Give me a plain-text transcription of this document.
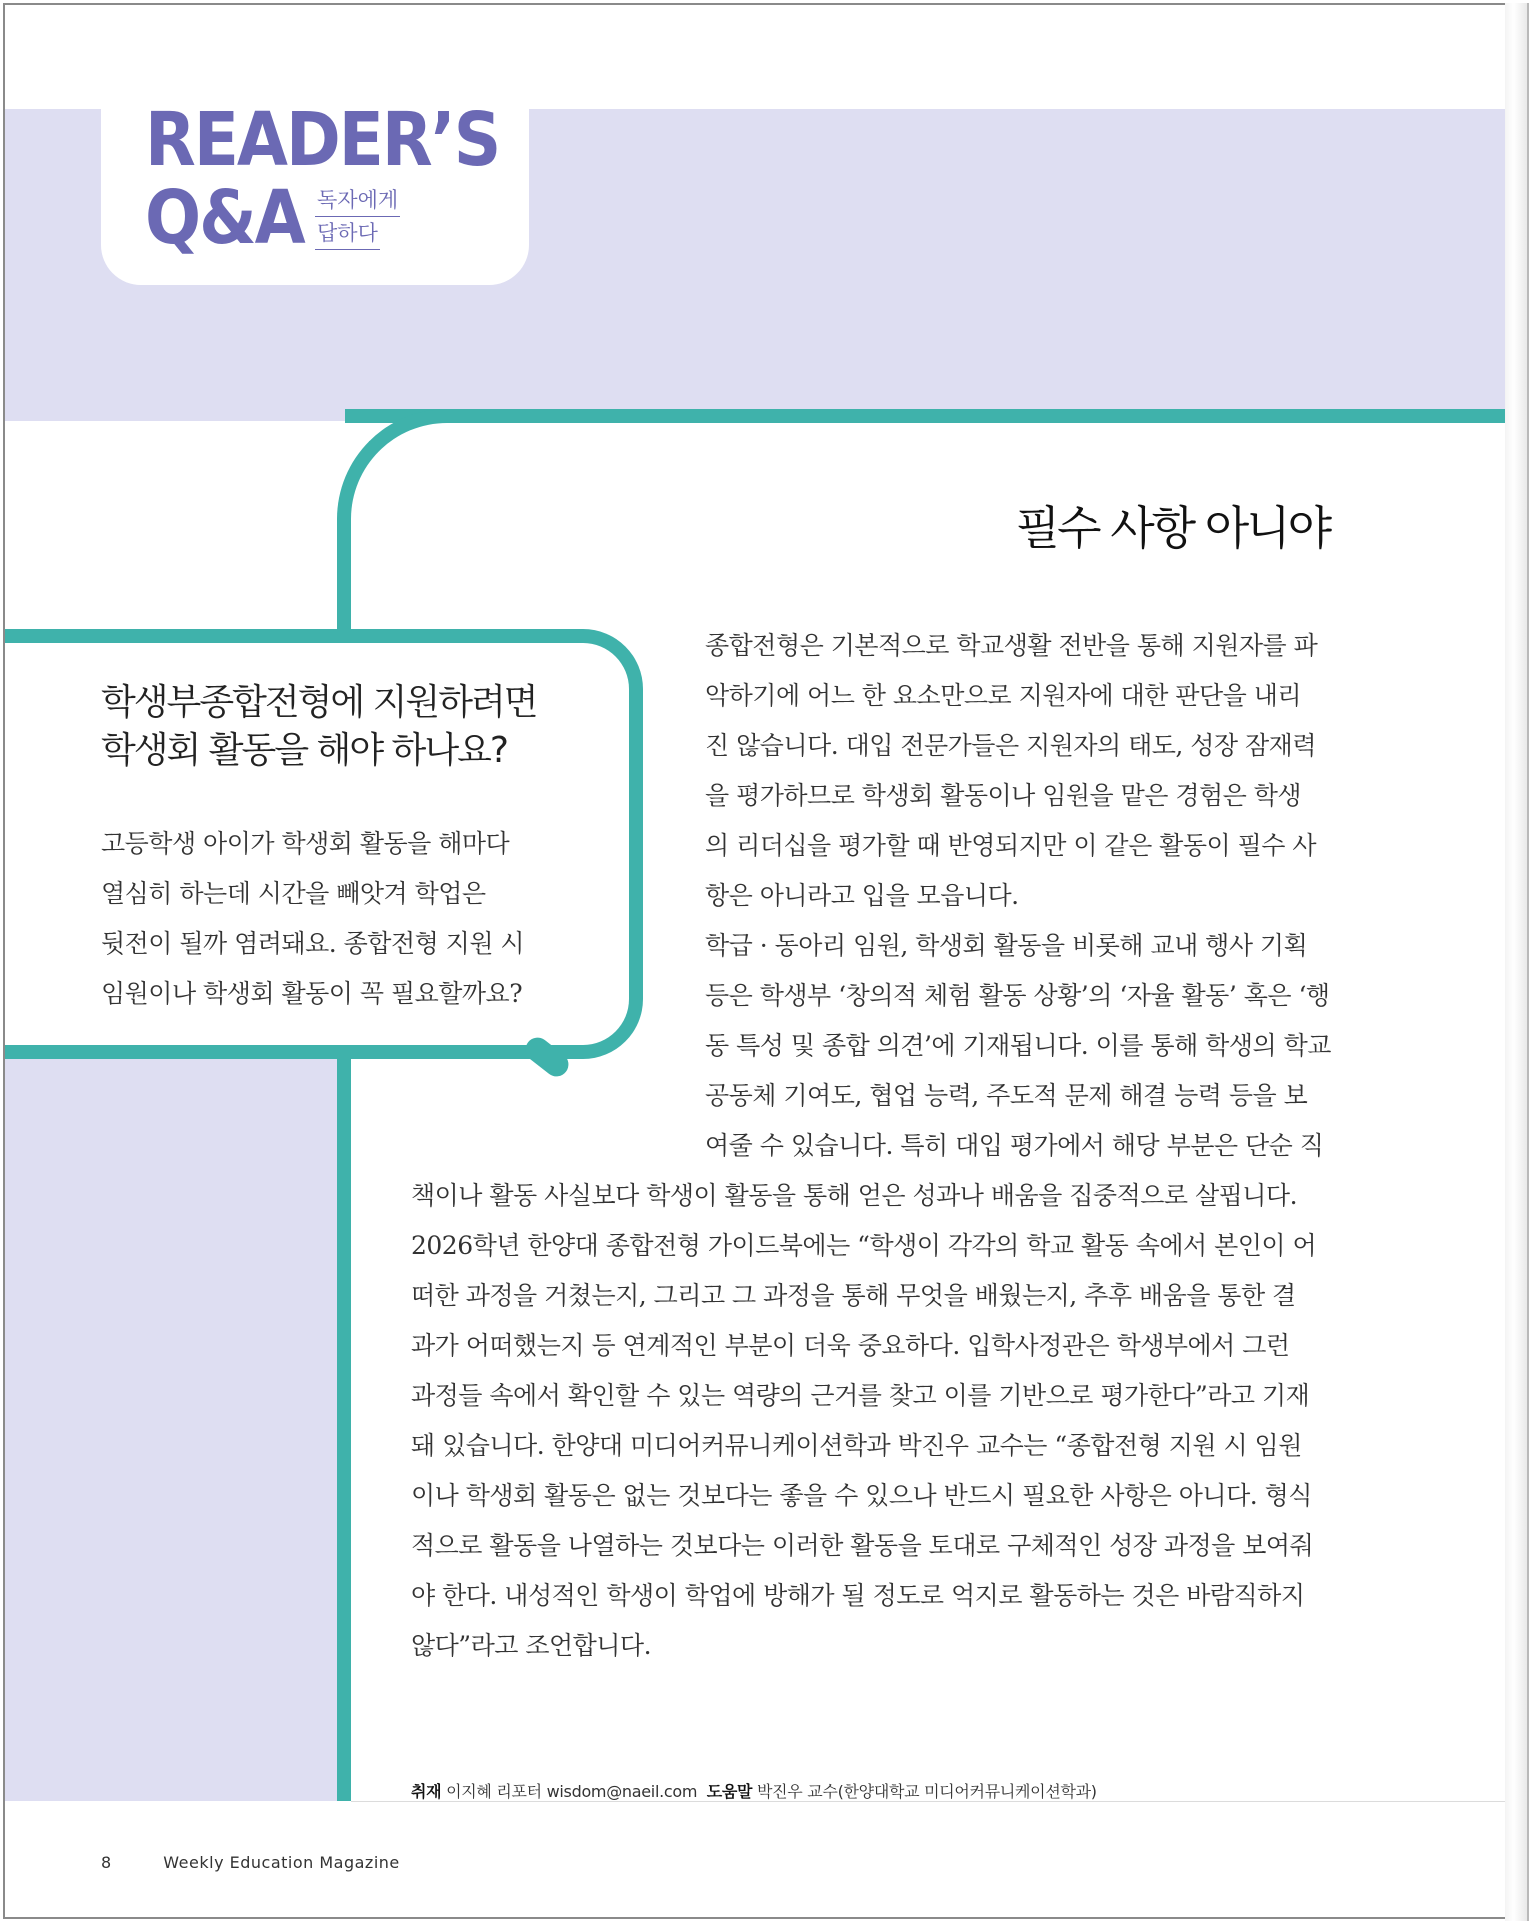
READER’S
Q&A 독자에게
답하다
학생부종합전형에 지원하려면
학생회 활동을 해야 하나요?
고등학생 아이가 학생회 활동을 해마다
열심히 하는데 시간을 빼앗겨 학업은
뒷전이 될까 염려돼요. 종합전형 지원 시
임원이나 학생회 활동이 꼭 필요할까요?
필수 사항 아니야

종합전형은 기본적으로 학교생활 전반을 통해 지원자를 파

악하기에 어느 한 요소만으로 지원자에 대한 판단을 내리

진 않습니다. 대입 전문가들은 지원자의 태도, 성장 잠재력

을 평가하므로 학생회 활동이나 임원을 맡은 경험은 학생

의 리더십을 평가할 때 반영되지만 이 같은 활동이 필수 사

항은 아니라고 입을 모읍니다.

학급 · 동아리 임원, 학생회 활동을 비롯해 교내 행사 기획

등은 학생부 ‘창의적 체험 활동 상황’의 ‘자율 활동’ 혹은 ‘행

동 특성 및 종합 의견’에 기재됩니다. 이를 통해 학생의 학교

공동체 기여도, 협업 능력, 주도적 문제 해결 능력 등을 보

여줄 수 있습니다. 특히 대입 평가에서 해당 부분은 단순 직

책이나 활동 사실보다 학생이 활동을 통해 얻은 성과나 배움을 집중적으로 살핍니다.

2026학년 한양대 종합전형 가이드북에는 “학생이 각각의 학교 활동 속에서 본인이 어

떠한 과정을 거쳤는지, 그리고 그 과정을 통해 무엇을 배웠는지, 추후 배움을 통한 결

과가 어떠했는지 등 연계적인 부분이 더욱 중요하다. 입학사정관은 학생부에서 그런

과정들 속에서 확인할 수 있는 역량의 근거를 찾고 이를 기반으로 평가한다”라고 기재

돼 있습니다. 한양대 미디어커뮤니케이션학과 박진우 교수는 “종합전형 지원 시 임원

이나 학생회 활동은 없는 것보다는 좋을 수 있으나 반드시 필요한 사항은 아니다. 형식

적으로 활동을 나열하는 것보다는 이러한 활동을 토대로 구체적인 성장 과정을 보여줘

야 한다. 내성적인 학생이 학업에 방해가 될 정도로 억지로 활동하는 것은 바람직하지

않다”라고 조언합니다.

취재 이지혜 리포터 wisdom@naeil.com 도움말 박진우 교수(한양대학교 미디어커뮤니케이션학과)
8	Weekly Education Magazine
